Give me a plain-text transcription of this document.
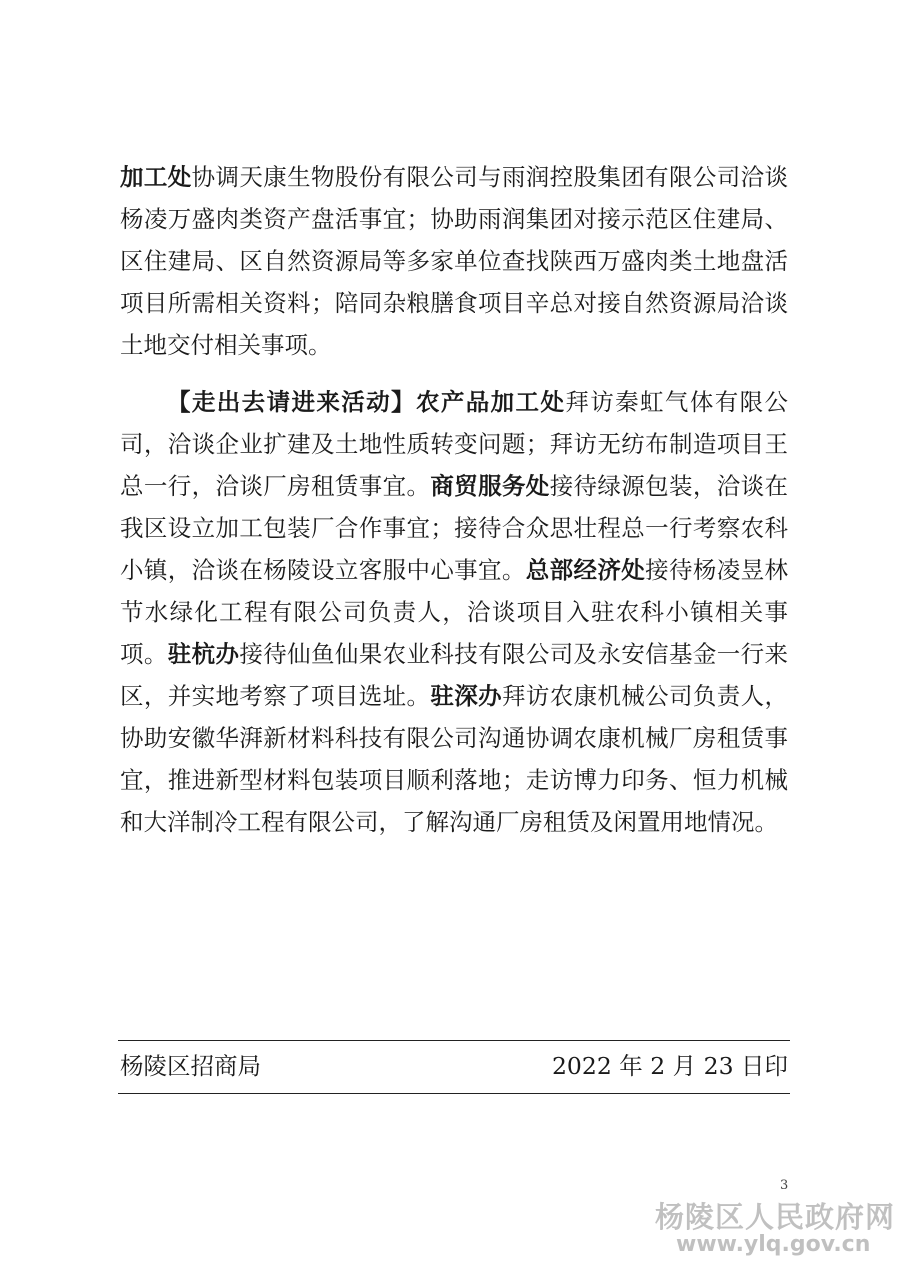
加工处协调天康生物股份有限公司与雨润控股集团有限公司洽谈杨凌万盛肉类资产盘活事宜；协助雨润集团对接示范区住建局、区住建局、区自然资源局等多家单位查找陕西万盛肉类土地盘活项目所需相关资料；陪同杂粮膳食项目辛总对接自然资源局洽谈土地交付相关事项。
【走出去请进来活动】农产品加工处拜访秦虹气体有限公司，洽谈企业扩建及土地性质转变问题；拜访无纺布制造项目王总一行，洽谈厂房租赁事宜。商贸服务处接待绿源包装，洽谈在我区设立加工包装厂合作事宜；接待合众思壮程总一行考察农科小镇，洽谈在杨陵设立客服中心事宜。总部经济处接待杨凌昱林节水绿化工程有限公司负责人，洽谈项目入驻农科小镇相关事项。驻杭办接待仙鱼仙果农业科技有限公司及永安信基金一行来区，并实地考察了项目选址。驻深办拜访农康机械公司负责人，协助安徽华湃新材料科技有限公司沟通协调农康机械厂房租赁事宜，推进新型材料包装项目顺利落地；走访博力印务、恒力机械和大洋制冷工程有限公司，了解沟通厂房租赁及闲置用地情况。
杨陵区招商局	2022 年 2 月 23 日印
3
杨陵区人民政府网
www.ylq.gov.cn
